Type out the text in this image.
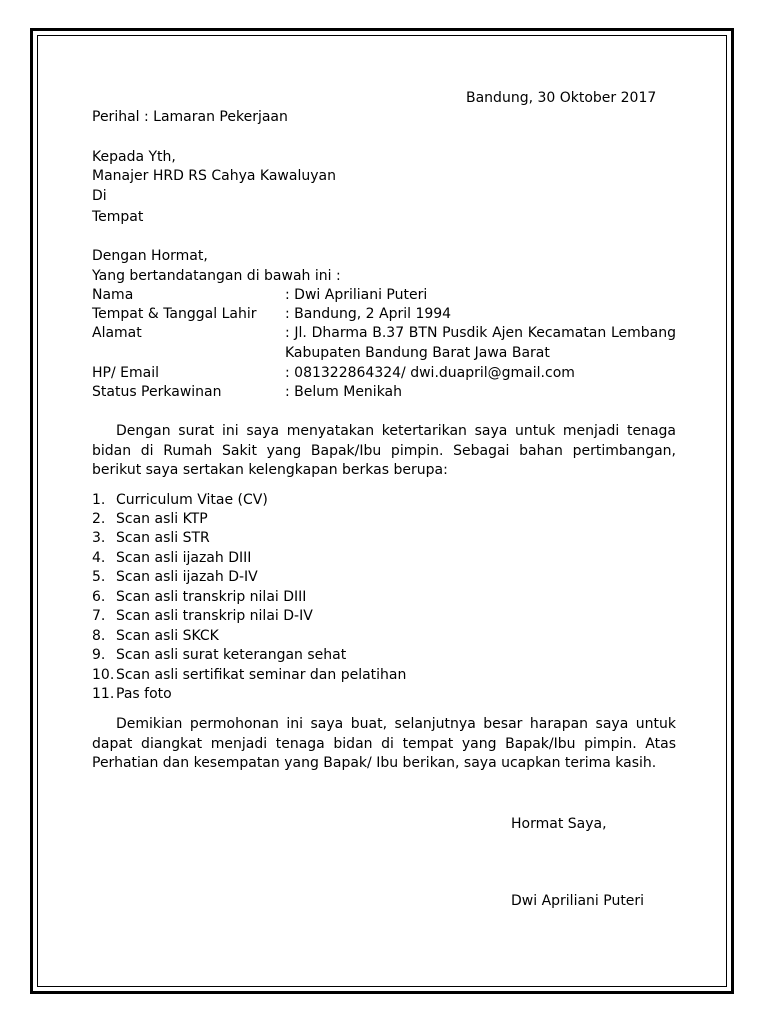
Bandung, 30 Oktober 2017
Perihal : Lamaran Pekerjaan
Kepada Yth,
Manajer HRD RS Cahya Kawaluyan
Di
Tempat
Dengan Hormat,
Yang bertandatangan di bawah ini :
Nama	: Dwi Apriliani Puteri
Tempat & Tanggal Lahir : Bandung, 2 April 1994
Alamat	: Jl. Dharma B.37 BTN Pusdik Ajen Kecamatan Lembang
Kabupaten Bandung Barat Jawa Barat
HP/ Email	: 081322864324/ dwi.duapril@gmail.com
Status Perkawinan	: Belum Menikah
Dengan surat ini saya menyatakan ketertarikan saya untuk menjadi tenaga bidan di Rumah Sakit yang Bapak/Ibu pimpin. Sebagai bahan pertimbangan, berikut saya sertakan kelengkapan berkas berupa:
1. Curriculum Vitae (CV)
2. Scan asli KTP
3. Scan asli STR
4. Scan asli ijazah DIII
5. Scan asli ijazah D-IV
6. Scan asli transkrip nilai DIII
7. Scan asli transkrip nilai D-IV
8. Scan asli SKCK
9. Scan asli surat keterangan sehat
10. Scan asli sertifikat seminar dan pelatihan
11. Pas foto
Demikian permohonan ini saya buat, selanjutnya besar harapan saya untuk dapat diangkat menjadi tenaga bidan di tempat yang Bapak/Ibu pimpin. Atas Perhatian dan kesempatan yang Bapak/ Ibu berikan, saya ucapkan terima kasih.
Hormat Saya,
Dwi Apriliani Puteri
